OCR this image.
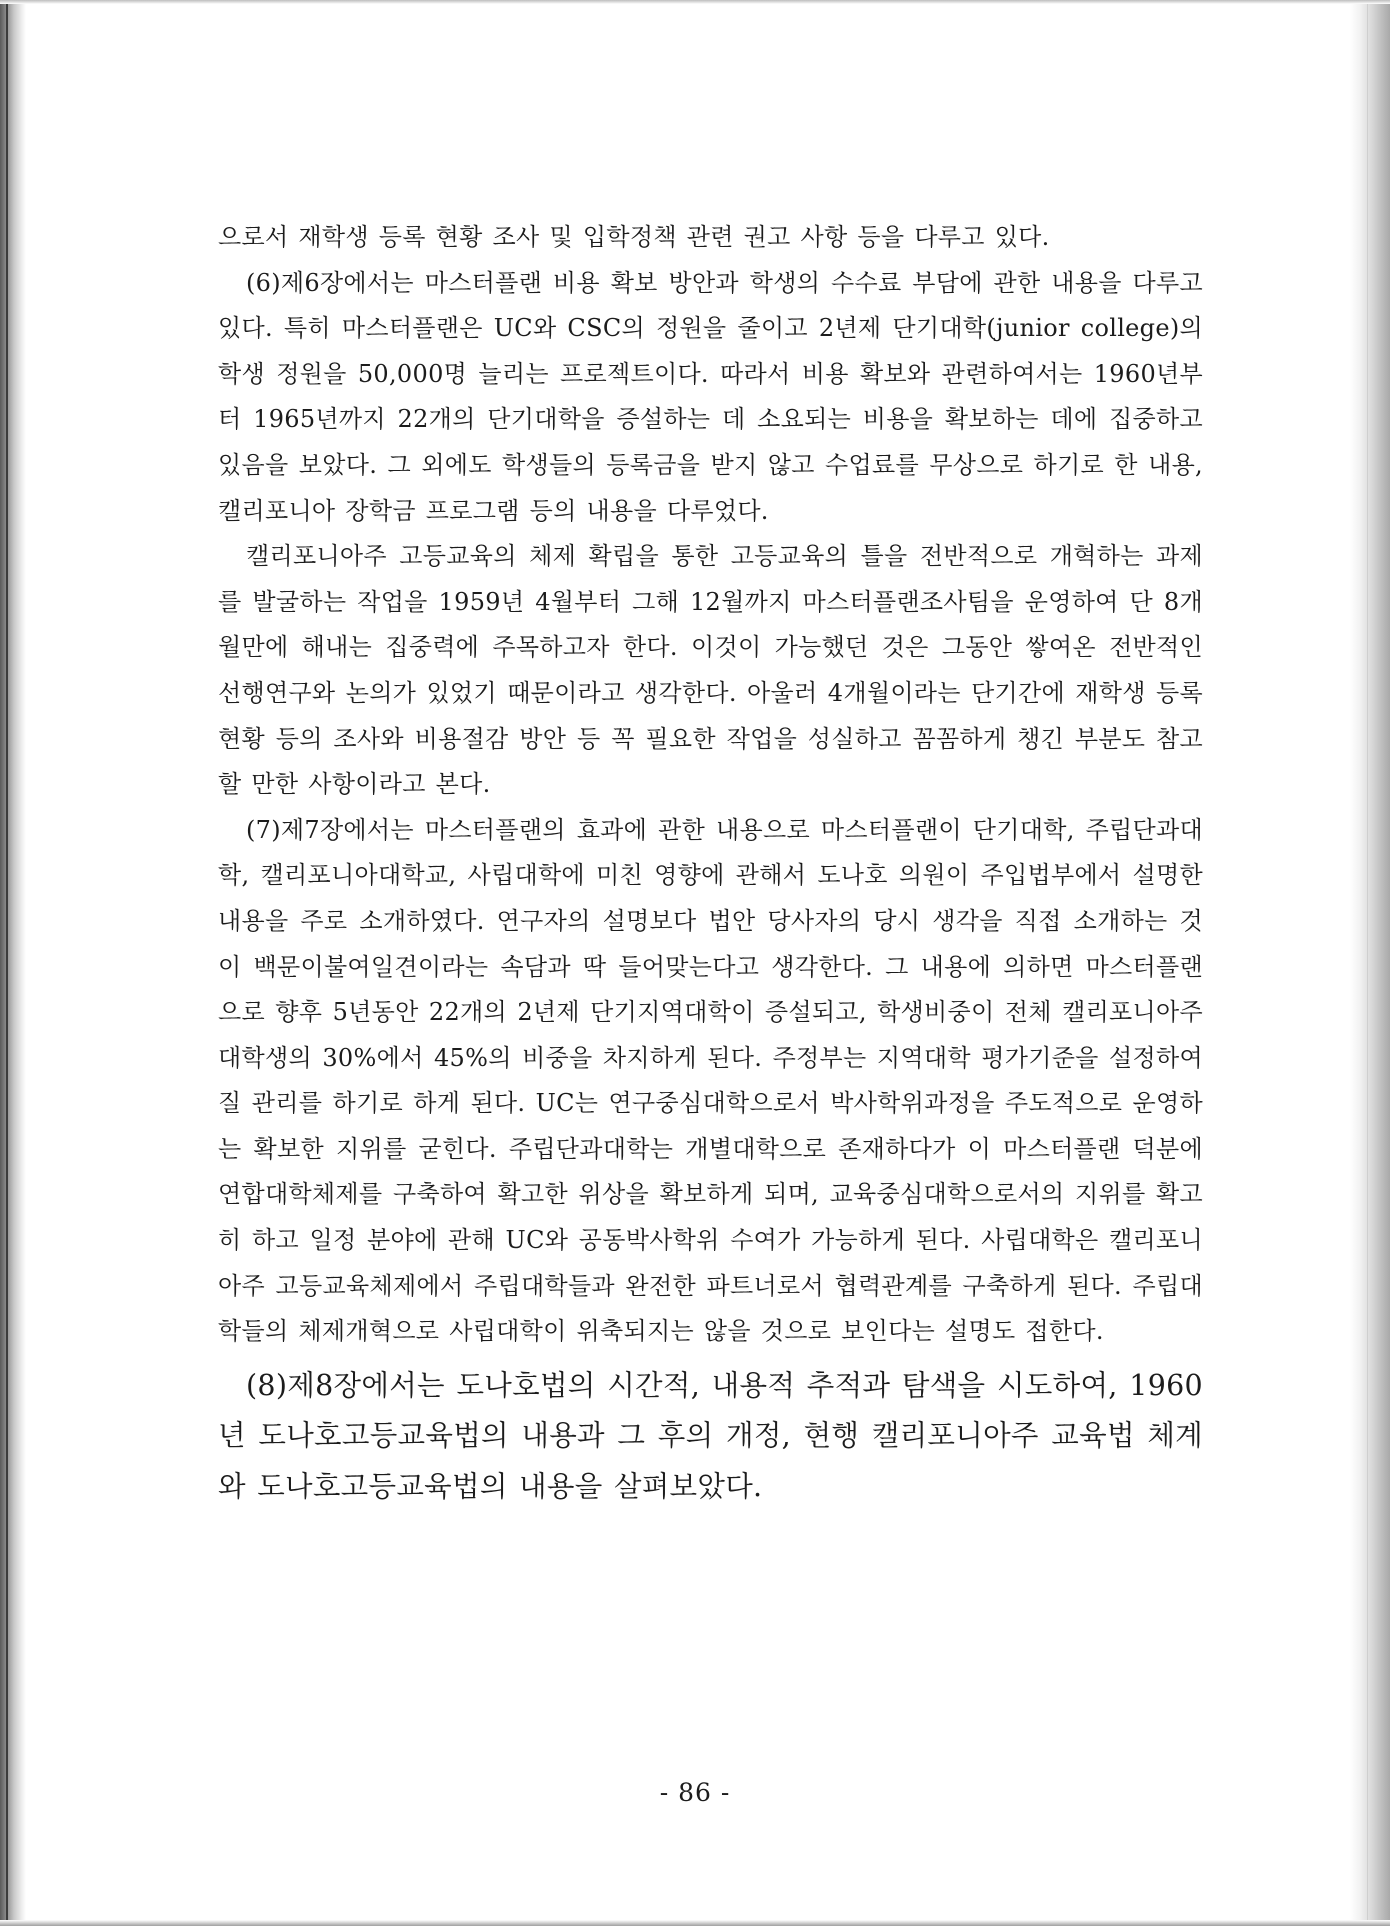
으로서 재학생 등록 현황 조사 및 입학정책 관련 권고 사항 등을 다루고 있다.

(6)제6장에서는 마스터플랜 비용 확보 방안과 학생의 수수료 부담에 관한 내용을 다루고 있다. 특히 마스터플랜은 UC와 CSC의 정원을 줄이고 2년제 단기대학(junior college)의 학생 정원을 50,000명 늘리는 프로젝트이다. 따라서 비용 확보와 관련하여서는 1960년부터 1965년까지 22개의 단기대학을 증설하는 데 소요되는 비용을 확보하는 데에 집중하고 있음을 보았다. 그 외에도 학생들의 등록금을 받지 않고 수업료를 무상으로 하기로 한 내용, 캘리포니아 장학금 프로그램 등의 내용을 다루었다.

캘리포니아주 고등교육의 체제 확립을 통한 고등교육의 틀을 전반적으로 개혁하는 과제를 발굴하는 작업을 1959년 4월부터 그해 12월까지 마스터플랜조사팀을 운영하여 단 8개월만에 해내는 집중력에 주목하고자 한다. 이것이 가능했던 것은 그동안 쌓여온 전반적인 선행연구와 논의가 있었기 때문이라고 생각한다. 아울러 4개월이라는 단기간에 재학생 등록 현황 등의 조사와 비용절감 방안 등 꼭 필요한 작업을 성실하고 꼼꼼하게 챙긴 부분도 참고할 만한 사항이라고 본다.

(7)제7장에서는 마스터플랜의 효과에 관한 내용으로 마스터플랜이 단기대학, 주립단과대학, 캘리포니아대학교, 사립대학에 미친 영향에 관해서 도나호 의원이 주입법부에서 설명한 내용을 주로 소개하였다. 연구자의 설명보다 법안 당사자의 당시 생각을 직접 소개하는 것이 백문이불여일견이라는 속담과 딱 들어맞는다고 생각한다. 그 내용에 의하면 마스터플랜으로 향후 5년동안 22개의 2년제 단기지역대학이 증설되고, 학생비중이 전체 캘리포니아주 대학생의 30%에서 45%의 비중을 차지하게 된다. 주정부는 지역대학 평가기준을 설정하여 질 관리를 하기로 하게 된다. UC는 연구중심대학으로서 박사학위과정을 주도적으로 운영하는 확보한 지위를 굳힌다. 주립단과대학는 개별대학으로 존재하다가 이 마스터플랜 덕분에 연합대학체제를 구축하여 확고한 위상을 확보하게 되며, 교육중심대학으로서의 지위를 확고히 하고 일정 분야에 관해 UC와 공동박사학위 수여가 가능하게 된다. 사립대학은 캘리포니아주 고등교육체제에서 주립대학들과 완전한 파트너로서 협력관계를 구축하게 된다. 주립대학들의 체제개혁으로 사립대학이 위축되지는 않을 것으로 보인다는 설명도 접한다.

(8)제8장에서는 도나호법의 시간적, 내용적 추적과 탐색을 시도하여, 1960년 도나호고등교육법의 내용과 그 후의 개정, 현행 캘리포니아주 교육법 체계와 도나호고등교육법의 내용을 살펴보았다.

- 86 -
